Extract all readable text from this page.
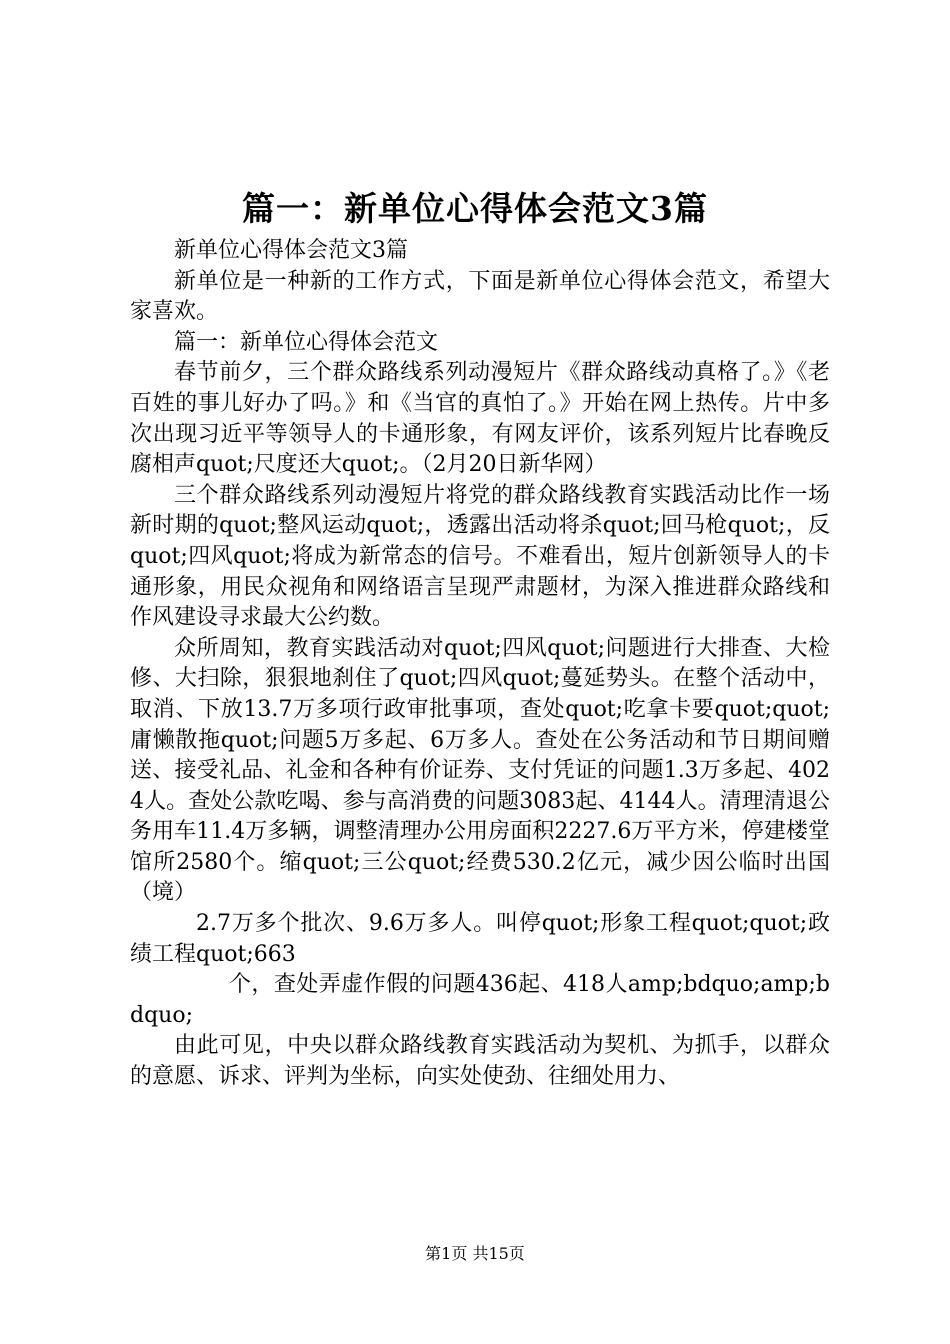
篇一：新单位心得体会范文3篇

新单位心得体会范文3篇

新单位是一种新的工作方式，下面是新单位心得体会范文，希望大家喜欢。

篇一：新单位心得体会范文

春节前夕，三个群众路线系列动漫短片《群众路线动真格了。》《老百姓的事儿好办了吗。》和《当官的真怕了。》开始在网上热传。片中多次出现习近平等领导人的卡通形象，有网友评价，该系列短片比春晚反腐相声quot;尺度还大quot;。（2月20日新华网）

三个群众路线系列动漫短片将党的群众路线教育实践活动比作一场新时期的quot;整风运动quot;，透露出活动将杀quot;回马枪quot;，反quot;四风quot;将成为新常态的信号。不难看出，短片创新领导人的卡通形象，用民众视角和网络语言呈现严肃题材，为深入推进群众路线和作风建设寻求最大公约数。

众所周知，教育实践活动对quot;四风quot;问题进行大排查、大检修、大扫除，狠狠地刹住了quot;四风quot;蔓延势头。在整个活动中，取消、下放13.7万多项行政审批事项，查处quot;吃拿卡要quot;quot;庸懒散拖quot;问题5万多起、6万多人。查处在公务活动和节日期间赠送、接受礼品、礼金和各种有价证券、支付凭证的问题1.3万多起、4024人。查处公款吃喝、参与高消费的问题3083起、4144人。清理清退公务用车11.4万多辆，调整清理办公用房面积2227.6万平方米，停建楼堂馆所2580个。缩quot;三公quot;经费530.2亿元，减少因公临时出国（境）

2.7万多个批次、9.6万多人。叫停quot;形象工程quot;quot;政绩工程quot;663

个，查处弄虚作假的问题436起、418人amp;bdquo;amp;bdquo;

由此可见，中央以群众路线教育实践活动为契机、为抓手，以群众的意愿、诉求、评判为坐标，向实处使劲、往细处用力、

第1页 共15页
